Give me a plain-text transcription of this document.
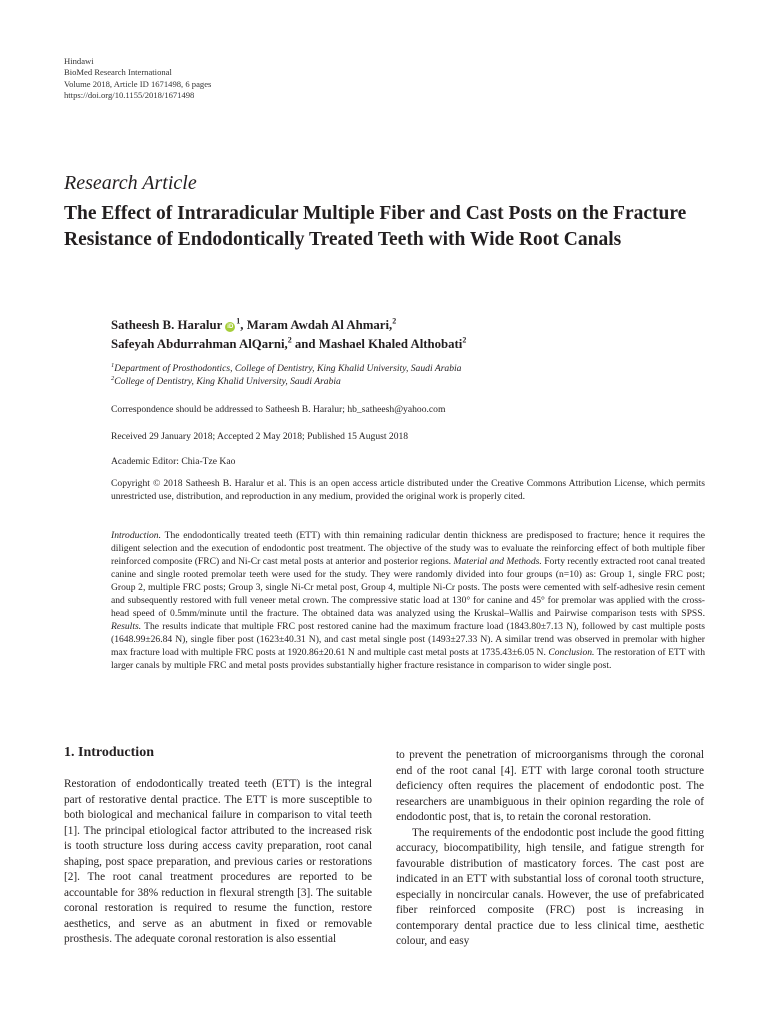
Hindawi
BioMed Research International
Volume 2018, Article ID 1671498, 6 pages
https://doi.org/10.1155/2018/1671498
Research Article
The Effect of Intraradicular Multiple Fiber and Cast Posts on the Fracture Resistance of Endodontically Treated Teeth with Wide Root Canals
Satheesh B. Haralur $iD^1$, Maram Awdah Al Ahmari,$^2$
Safeyah Abdurrahman AlQarni,$^2$ and Mashael Khaled Althobati$^2$
$^1$Department of Prosthodontics, College of Dentistry, King Khalid University, Saudi Arabia
$^2$College of Dentistry, King Khalid University, Saudi Arabia
Correspondence should be addressed to Satheesh B. Haralur; hb_satheesh@yahoo.com
Received 29 January 2018; Accepted 2 May 2018; Published 15 August 2018
Academic Editor: Chia-Tze Kao
Copyright © 2018 Satheesh B. Haralur et al. This is an open access article distributed under the Creative Commons Attribution License, which permits unrestricted use, distribution, and reproduction in any medium, provided the original work is properly cited.
Introduction. The endodontically treated teeth (ETT) with thin remaining radicular dentin thickness are predisposed to fracture; hence it requires the diligent selection and the execution of endodontic post treatment. The objective of the study was to evaluate the reinforcing effect of both multiple fiber reinforced composite (FRC) and Ni-Cr cast metal posts at anterior and posterior regions. Material and Methods. Forty recently extracted root canal treated canine and single rooted premolar teeth were used for the study. They were randomly divided into four groups (n=10) as: Group 1, single FRC post; Group 2, multiple FRC posts; Group 3, single Ni-Cr metal post, Group 4, multiple Ni-Cr posts. The posts were cemented with self-adhesive resin cement and subsequently restored with full veneer metal crown. The compressive static load at 130° for canine and 45° for premolar was applied with the cross-head speed of 0.5mm/minute until the fracture. The obtained data was analyzed using the Kruskal–Wallis and Pairwise comparison tests with SPSS. Results. The results indicate that multiple FRC post restored canine had the maximum fracture load (1843.80±7.13 N), followed by cast multiple posts (1648.99±26.84 N), single fiber post (1623±40.31 N), and cast metal single post (1493±27.33 N). A similar trend was observed in premolar with higher max fracture load with multiple FRC posts at 1920.86±20.61 N and multiple cast metal posts at 1735.43±6.05 N. Conclusion. The restoration of ETT with larger canals by multiple FRC and metal posts provides substantially higher fracture resistance in comparison to wider single post.
1. Introduction

Restoration of endodontically treated teeth (ETT) is the integral part of restorative dental practice. The ETT is more susceptible to both biological and mechanical failure in comparison to vital teeth [1]. The principal etiological factor attributed to the increased risk is tooth structure loss during access cavity preparation, root canal shaping, post space preparation, and previous caries or restorations [2]. The root canal treatment procedures are reported to be accountable for 38% reduction in flexural strength [3]. The suitable coronal restoration is required to resume the function, restore aesthetics, and serve as an abutment in fixed or removable prosthesis. The adequate coronal restoration is also essential

to prevent the penetration of microorganisms through the coronal end of the root canal [4]. ETT with large coronal tooth structure deficiency often requires the placement of endodontic post. The researchers are unambiguous in their opinion regarding the role of endodontic post, that is, to retain the coronal restoration.

The requirements of the endodontic post include the good fitting accuracy, biocompatibility, high tensile, and fatigue strength for favourable distribution of masticatory forces. The cast post are indicated in an ETT with substantial loss of coronal tooth structure, especially in noncircular canals. However, the use of prefabricated fiber reinforced composite (FRC) post is increasing in contemporary dental practice due to less clinical time, aesthetic colour, and easy
